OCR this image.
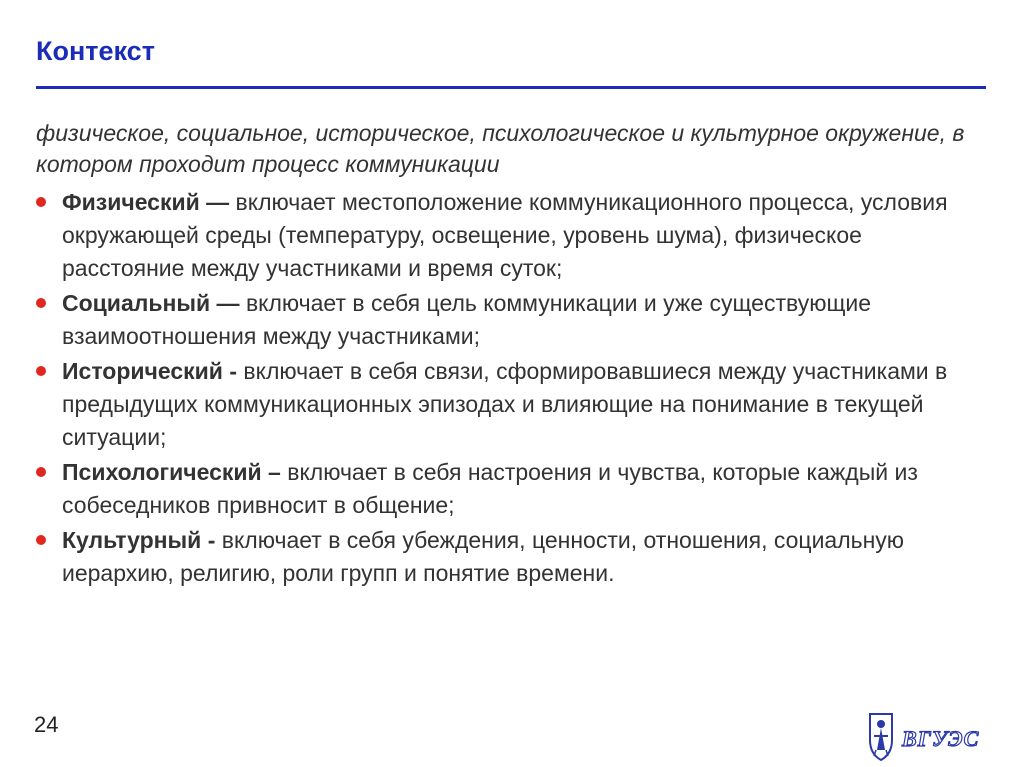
Контекст
физическое, социальное, историческое, психологическое и культурное окружение, в котором проходит процесс коммуникации
Физический — включает местоположение коммуникационного процесса, условия окружающей среды (температуру, освещение, уровень шума), физическое расстояние между участниками и время суток;
Социальный — включает в себя цель коммуникации и уже существующие взаимоотношения между участниками;
Исторический - включает в себя связи, сформировавшиеся между участниками в предыдущих коммуникационных эпизодах и влияющие на понимание в текущей ситуации;
Психологический – включает в себя настроения и чувства, которые каждый из собеседников привносит в общение;
Культурный - включает в себя убеждения, ценности, отношения, социальную иерархию, религию, роли групп и понятие времени.
24
ВГУЭС
